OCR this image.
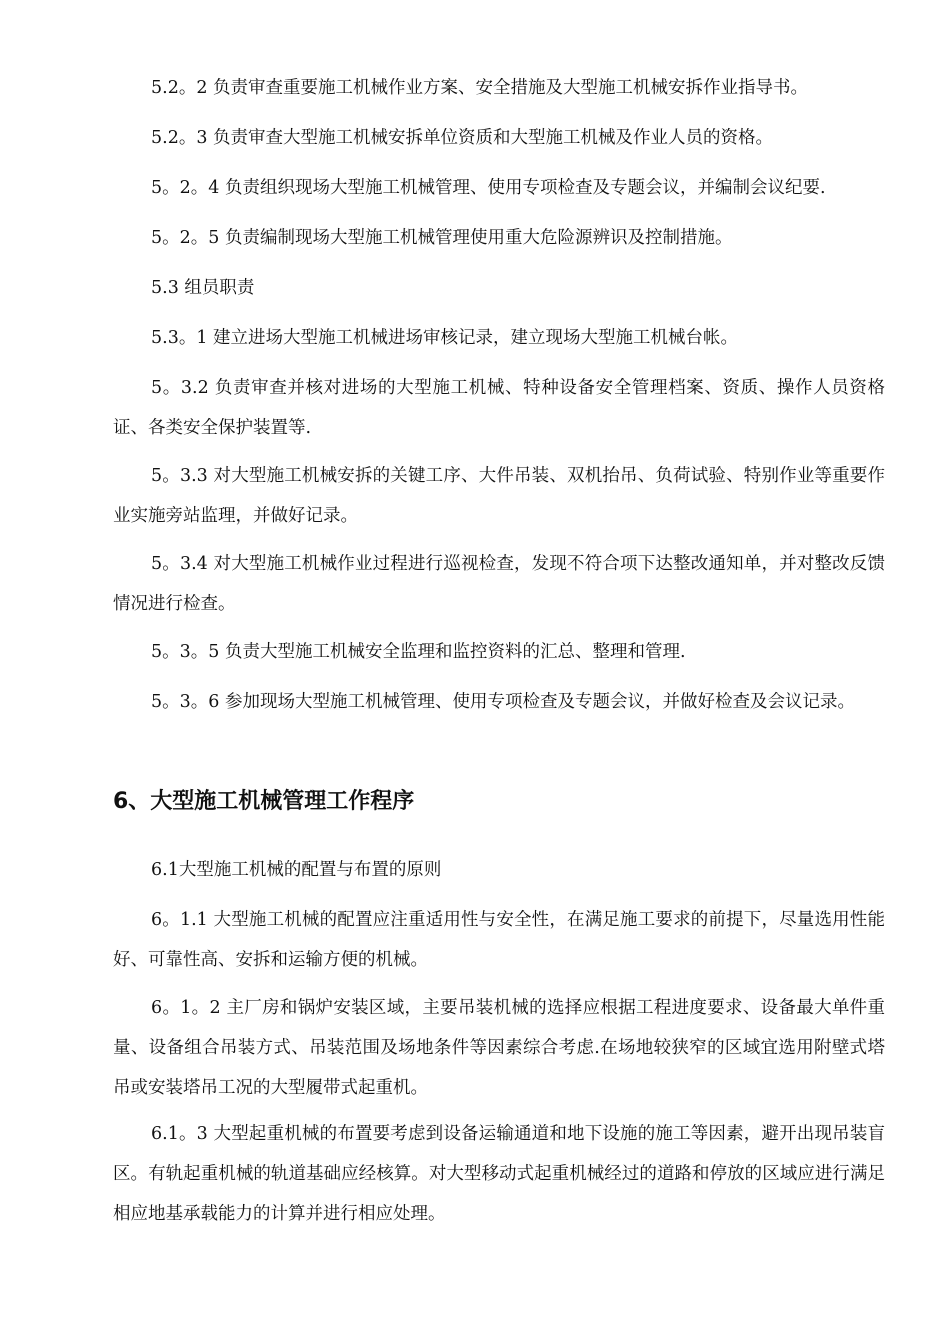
5.2。2 负责审查重要施工机械作业方案、安全措施及大型施工机械安拆作业指导书。

5.2。3 负责审查大型施工机械安拆单位资质和大型施工机械及作业人员的资格。

5。2。4 负责组织现场大型施工机械管理、使用专项检查及专题会议，并编制会议纪要.

5。2。5 负责编制现场大型施工机械管理使用重大危险源辨识及控制措施。

5.3 组员职责

5.3。1 建立进场大型施工机械进场审核记录，建立现场大型施工机械台帐。

5。3.2 负责审查并核对进场的大型施工机械、特种设备安全管理档案、资质、操作人员资格证、各类安全保护装置等.

5。3.3 对大型施工机械安拆的关键工序、大件吊装、双机抬吊、负荷试验、特别作业等重要作业实施旁站监理，并做好记录。

5。3.4 对大型施工机械作业过程进行巡视检查，发现不符合项下达整改通知单，并对整改反馈情况进行检查。

5。3。5 负责大型施工机械安全监理和监控资料的汇总、整理和管理.

5。3。6 参加现场大型施工机械管理、使用专项检查及专题会议，并做好检查及会议记录。

6、大型施工机械管理工作程序

6.1大型施工机械的配置与布置的原则

6。1.1 大型施工机械的配置应注重适用性与安全性，在满足施工要求的前提下，尽量选用性能好、可靠性高、安拆和运输方便的机械。

6。1。2 主厂房和锅炉安装区域，主要吊装机械的选择应根据工程进度要求、设备最大单件重量、设备组合吊装方式、吊装范围及场地条件等因素综合考虑.在场地较狭窄的区域宜选用附壁式塔吊或安装塔吊工况的大型履带式起重机。

6.1。3 大型起重机械的布置要考虑到设备运输通道和地下设施的施工等因素，避开出现吊装盲区。有轨起重机械的轨道基础应经核算。对大型移动式起重机械经过的道路和停放的区域应进行满足相应地基承载能力的计算并进行相应处理。
